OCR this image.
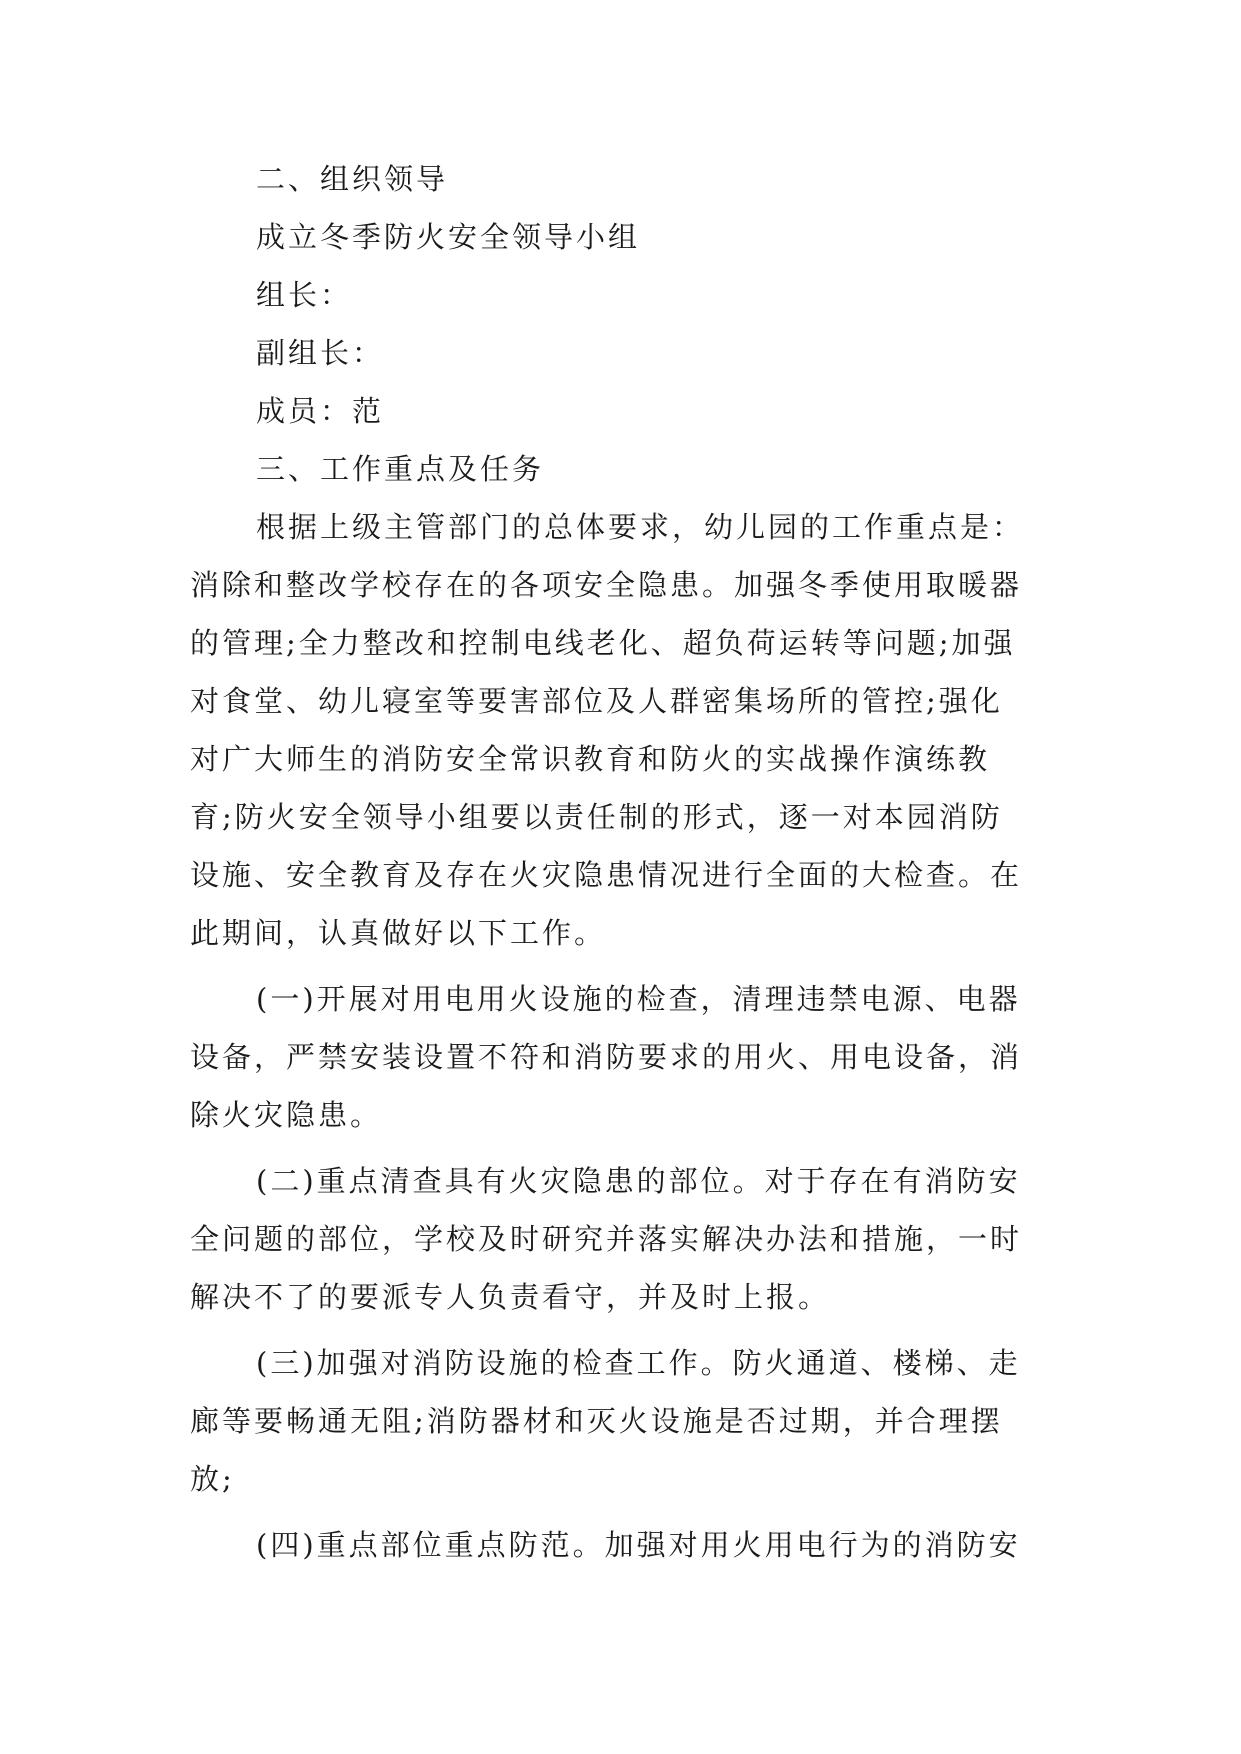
二、组织领导
成立冬季防火安全领导小组
组长：
副组长：
成员：范
三、工作重点及任务
根据上级主管部门的总体要求，幼儿园的工作重点是：
消除和整改学校存在的各项安全隐患。加强冬季使用取暖器
的管理;全力整改和控制电线老化、超负荷运转等问题;加强
对食堂、幼儿寝室等要害部位及人群密集场所的管控;强化
对广大师生的消防安全常识教育和防火的实战操作演练教
育;防火安全领导小组要以责任制的形式，逐一对本园消防
设施、安全教育及存在火灾隐患情况进行全面的大检查。在
此期间，认真做好以下工作。
(一)开展对用电用火设施的检查，清理违禁电源、电器
设备，严禁安装设置不符和消防要求的用火、用电设备，消
除火灾隐患。
(二)重点清查具有火灾隐患的部位。对于存在有消防安
全问题的部位，学校及时研究并落实解决办法和措施，一时
解决不了的要派专人负责看守，并及时上报。
(三)加强对消防设施的检查工作。防火通道、楼梯、走
廊等要畅通无阻;消防器材和灭火设施是否过期，并合理摆
放;
(四)重点部位重点防范。加强对用火用电行为的消防安
